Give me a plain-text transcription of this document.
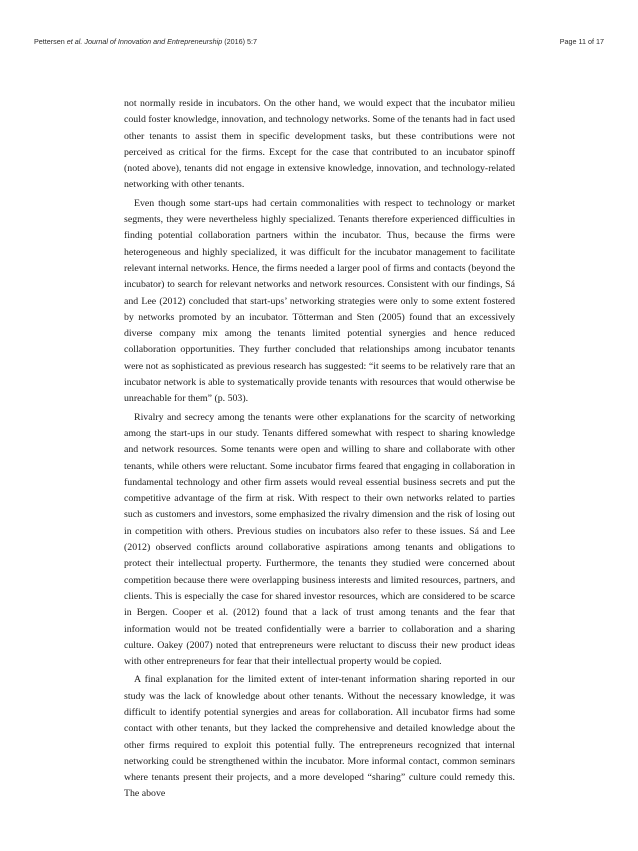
Pettersen et al. Journal of Innovation and Entrepreneurship (2016) 5:7	Page 11 of 17

not normally reside in incubators. On the other hand, we would expect that the incubator milieu could foster knowledge, innovation, and technology networks. Some of the tenants had in fact used other tenants to assist them in specific development tasks, but these contributions were not perceived as critical for the firms. Except for the case that contributed to an incubator spinoff (noted above), tenants did not engage in extensive knowledge, innovation, and technology-related networking with other tenants.

Even though some start-ups had certain commonalities with respect to technology or market segments, they were nevertheless highly specialized. Tenants therefore experienced difficulties in finding potential collaboration partners within the incubator. Thus, because the firms were heterogeneous and highly specialized, it was difficult for the incubator management to facilitate relevant internal networks. Hence, the firms needed a larger pool of firms and contacts (beyond the incubator) to search for relevant networks and network resources. Consistent with our findings, Sá and Lee (2012) concluded that start-ups’ networking strategies were only to some extent fostered by networks promoted by an incubator. Tötterman and Sten (2005) found that an excessively diverse company mix among the tenants limited potential synergies and hence reduced collaboration opportunities. They further concluded that relationships among incubator tenants were not as sophisticated as previous research has suggested: “it seems to be relatively rare that an incubator network is able to systematically provide tenants with resources that would otherwise be unreachable for them” (p. 503).

Rivalry and secrecy among the tenants were other explanations for the scarcity of networking among the start-ups in our study. Tenants differed somewhat with respect to sharing knowledge and network resources. Some tenants were open and willing to share and collaborate with other tenants, while others were reluctant. Some incubator firms feared that engaging in collaboration in fundamental technology and other firm assets would reveal essential business secrets and put the competitive advantage of the firm at risk. With respect to their own networks related to parties such as customers and investors, some emphasized the rivalry dimension and the risk of losing out in competition with others. Previous studies on incubators also refer to these issues. Sá and Lee (2012) observed conflicts around collaborative aspirations among tenants and obligations to protect their intellectual property. Furthermore, the tenants they studied were concerned about competition because there were overlapping business interests and limited resources, partners, and clients. This is especially the case for shared investor resources, which are considered to be scarce in Bergen. Cooper et al. (2012) found that a lack of trust among tenants and the fear that information would not be treated confidentially were a barrier to collaboration and a sharing culture. Oakey (2007) noted that entrepreneurs were reluctant to discuss their new product ideas with other entrepreneurs for fear that their intellectual property would be copied.

A final explanation for the limited extent of inter-tenant information sharing reported in our study was the lack of knowledge about other tenants. Without the necessary knowledge, it was difficult to identify potential synergies and areas for collaboration. All incubator firms had some contact with other tenants, but they lacked the comprehensive and detailed knowledge about the other firms required to exploit this potential fully. The entrepreneurs recognized that internal networking could be strengthened within the incubator. More informal contact, common seminars where tenants present their projects, and a more developed “sharing” culture could remedy this. The above
